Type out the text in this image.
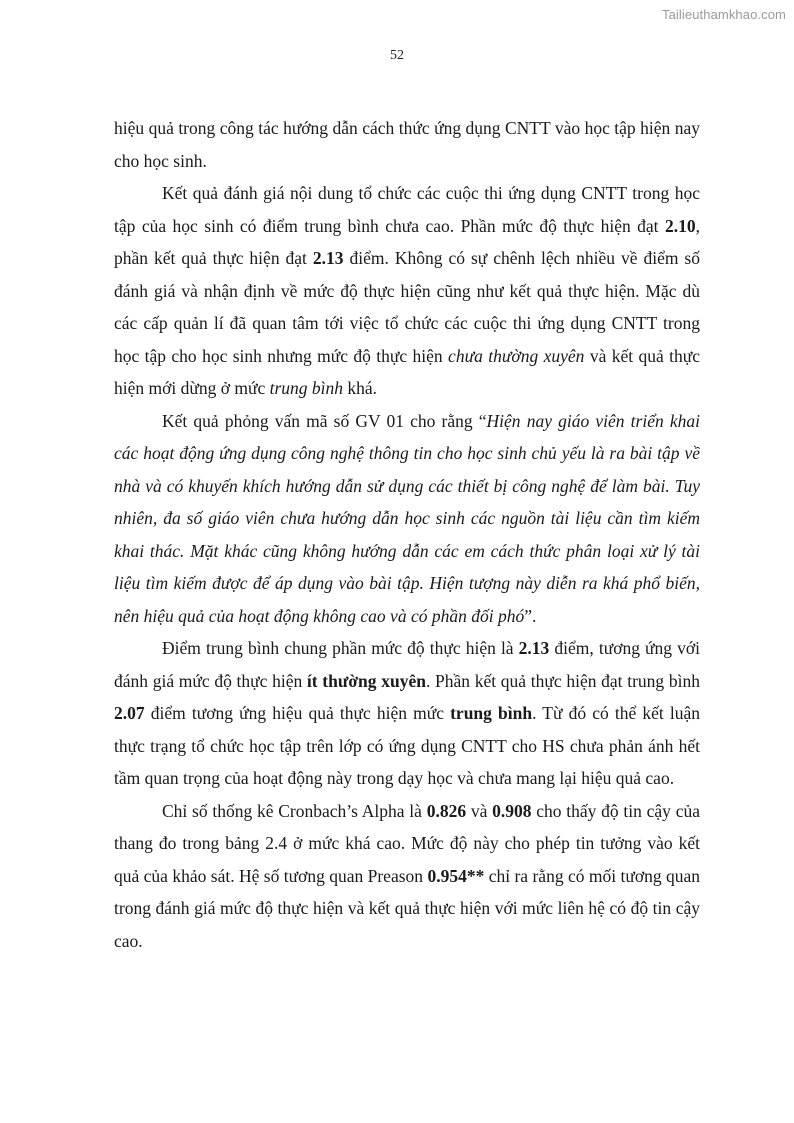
Tailieuthamkhao.com
52

hiệu quả trong công tác hướng dẫn cách thức ứng dụng CNTT vào học tập hiện nay cho học sinh.

Kết quả đánh giá nội dung tổ chức các cuộc thi ứng dụng CNTT trong học tập của học sinh có điểm trung bình chưa cao. Phần mức độ thực hiện đạt 2.10, phần kết quả thực hiện đạt 2.13 điểm. Không có sự chênh lệch nhiều về điểm số đánh giá và nhận định về mức độ thực hiện cũng như kết quả thực hiện. Mặc dù các cấp quản lí đã quan tâm tới việc tổ chức các cuộc thi ứng dụng CNTT trong học tập cho học sinh nhưng mức độ thực hiện chưa thường xuyên và kết quả thực hiện mới dừng ở mức trung bình khá.

Kết quả phỏng vấn mã số GV 01 cho rằng “Hiện nay giáo viên triển khai các hoạt động ứng dụng công nghệ thông tin cho học sinh chủ yếu là ra bài tập về nhà và có khuyến khích hướng dẫn sử dụng các thiết bị công nghệ để làm bài. Tuy nhiên, đa số giáo viên chưa hướng dẫn học sinh các nguồn tài liệu cần tìm kiếm khai thác. Mặt khác cũng không hướng dẫn các em cách thức phân loại xử lý tài liệu tìm kiếm được để áp dụng vào bài tập. Hiện tượng này diễn ra khá phổ biến, nên hiệu quả của hoạt động không cao và có phần đối phó”.

Điểm trung bình chung phần mức độ thực hiện là 2.13 điểm, tương ứng với đánh giá mức độ thực hiện ít thường xuyên. Phần kết quả thực hiện đạt trung bình 2.07 điểm tương ứng hiệu quả thực hiện mức trung bình. Từ đó có thể kết luận thực trạng tổ chức học tập trên lớp có ứng dụng CNTT cho HS chưa phản ánh hết tầm quan trọng của hoạt động này trong dạy học và chưa mang lại hiệu quả cao.

Chỉ số thống kê Cronbach’s Alpha là 0.826 và 0.908 cho thấy độ tin cậy của thang đo trong bảng 2.4 ở mức khá cao. Mức độ này cho phép tin tưởng vào kết quả của khảo sát. Hệ số tương quan Preason 0.954** chỉ ra rằng có mối tương quan trong đánh giá mức độ thực hiện và kết quả thực hiện với mức liên hệ có độ tin cậy cao.
